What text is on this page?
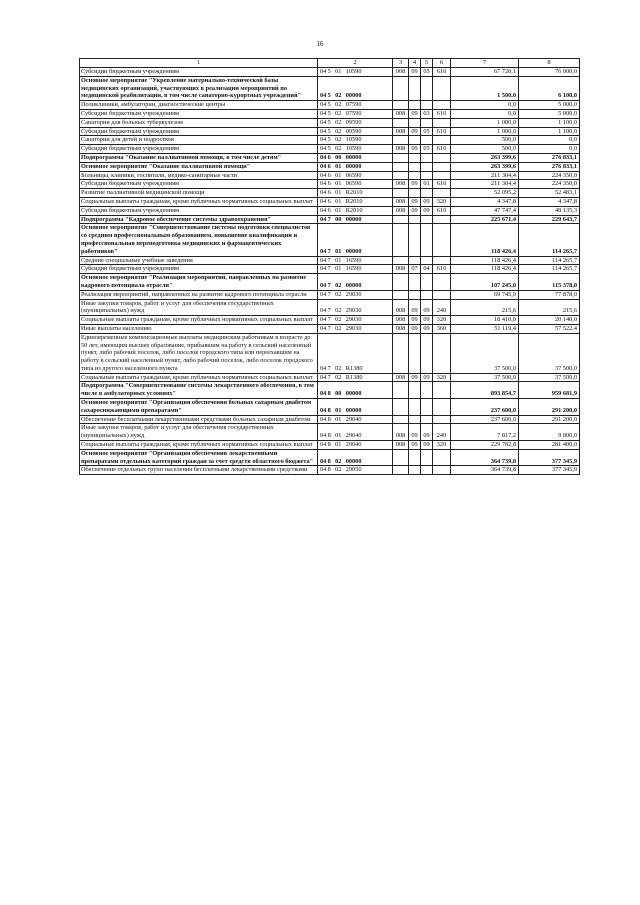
16
1	2	3	4	5	6	7	8
Субсидии бюджетным учреждениям	04 5 01 10590	008	09	05	610	67 720,1	76 000,0
Основное мероприятие "Укрепление материально-технической базы медицинских организаций, участвующих в реализации мероприятий по медицинской реабилитации, в том числе санаторно-курортных учреждений"	04 5 02 00000					1 500,0	6 100,0
Поликлиники, амбулатории, диагностические центры	04 5 02 07590					0,0	5 000,0
Субсидии бюджетным учреждениям	04 5 02 07590	008	09	03	610	0,0	5 000,0
Санатории для больных туберкулезом	04 5 02 09590					1 000,0	1 100,0
Субсидии бюджетным учреждениям	04 5 02 09590	008	09	05	610	1 000,0	1 100,0
Санатории для детей и подростков	04 5 02 10590					500,0	0,0
Субсидии бюджетным учреждениям	04 5 02 10590	008	09	05	610	500,0	0,0
Подпрограмма "Оказание паллиативной помощи, в том числе детям"	04 6 00 00000					263 399,6	276 833,1
Основное мероприятие "Оказание паллиативной помощи"	04 6 01 00000					263 399,6	276 833,1
Больницы, клиники, госпитали, медико-санитарные части	04 6 01 06590					211 304,4	224 350,0
Субсидии бюджетным учреждениям	04 6 01 06590	008	09	01	610	211 304,4	224 350,0
Развитие паллиативной медицинской помощи	04 6 01 R2010					52 095,2	52 483,1
Социальные выплаты гражданам, кроме публичных нормативных социальных выплат	04 6 01 R2010	008	09	09	320	4 347,8	4 347,8
Субсидии бюджетным учреждениям	04 6 01 R2010	008	09	09	610	47 747,4	48 135,3
Подпрограмма "Кадровое обеспечение системы здравоохранения"	04 7 00 00000					225 671,4	229 643,7
Основное мероприятие "Совершенствование системы подготовки специалистов со средним профессиональным образованием, повышение квалификации и профессиональная переподготовка медицинских и фармацевтических работников"	04 7 01 00000					118 426,4	114 265,7
Средние специальные учебные заведения	04 7 01 16590					118 426,4	114 265,7
Субсидии бюджетным учреждениям	04 7 01 16590	008	07	04	610	118 426,4	114 265,7
Основное мероприятие "Реализация мероприятий, направленных на развитие кадрового потенциала отрасли"	04 7 02 00000					107 245,0	115 378,0
Реализация мероприятий, направленных на развитие кадрового потенциала отрасли	04 7 02 29030					69 745,0	77 878,0
Иные закупки товаров, работ и услуг для обеспечения государственных (муниципальных) нужд	04 7 02 29030	008	09	09	240	215,6	215,6
Социальные выплаты гражданам, кроме публичных нормативных социальных выплат	04 7 02 29030	008	09	09	320	18 410,0	20 140,0
Иные выплаты населению	04 7 02 29030	008	09	09	360	51 119,4	57 522,4
Единовременные компенсационные выплаты медицинским работникам в возрасте до 50 лет, имеющим высшее образование, прибывшим на работу в сельский населенный пункт, либо рабочий поселок, либо поселок городского типа или переехавшим на работу в сельский населенный пункт, либо рабочий поселок, либо поселок городского типа из другого населенного пункта	04 7 02 R1380					37 500,0	37 500,0
Социальные выплаты гражданам, кроме публичных нормативных социальных выплат	04 7 02 R1380	008	09	09	320	37 500,0	37 500,0
Подпрограмма "Совершенствование системы лекарственного обеспечения, в том числе в амбулаторных условиях"	04 8 00 00000					893 854,7	959 681,9
Основное мероприятие "Организация обеспечения больных сахарным диабетом сахароснижающими препаратами"	04 8 01 00000					237 600,0	291 200,0
Обеспечение бесплатными лекарственными средствами больных сахарным диабетом	04 8 01 29040					237 600,0	291 200,0
Иные закупки товаров, работ и услуг для обеспечения государственных (муниципальных) нужд	04 8 01 29040	008	09	09	240	7 817,2	9 800,0
Социальные выплаты гражданам, кроме публичных нормативных социальных выплат	04 8 01 29040	008	09	09	320	229 782,8	281 400,0
Основное мероприятие "Организация обеспечения лекарственными препаратами отдельных категорий граждан за счет средств областного бюджета"	04 8 02 00000					364 739,8	377 345,9
Обеспечение отдельных групп населения бесплатными лекарственными средствами	04 8 02 29050					364 739,8	377 345,9
